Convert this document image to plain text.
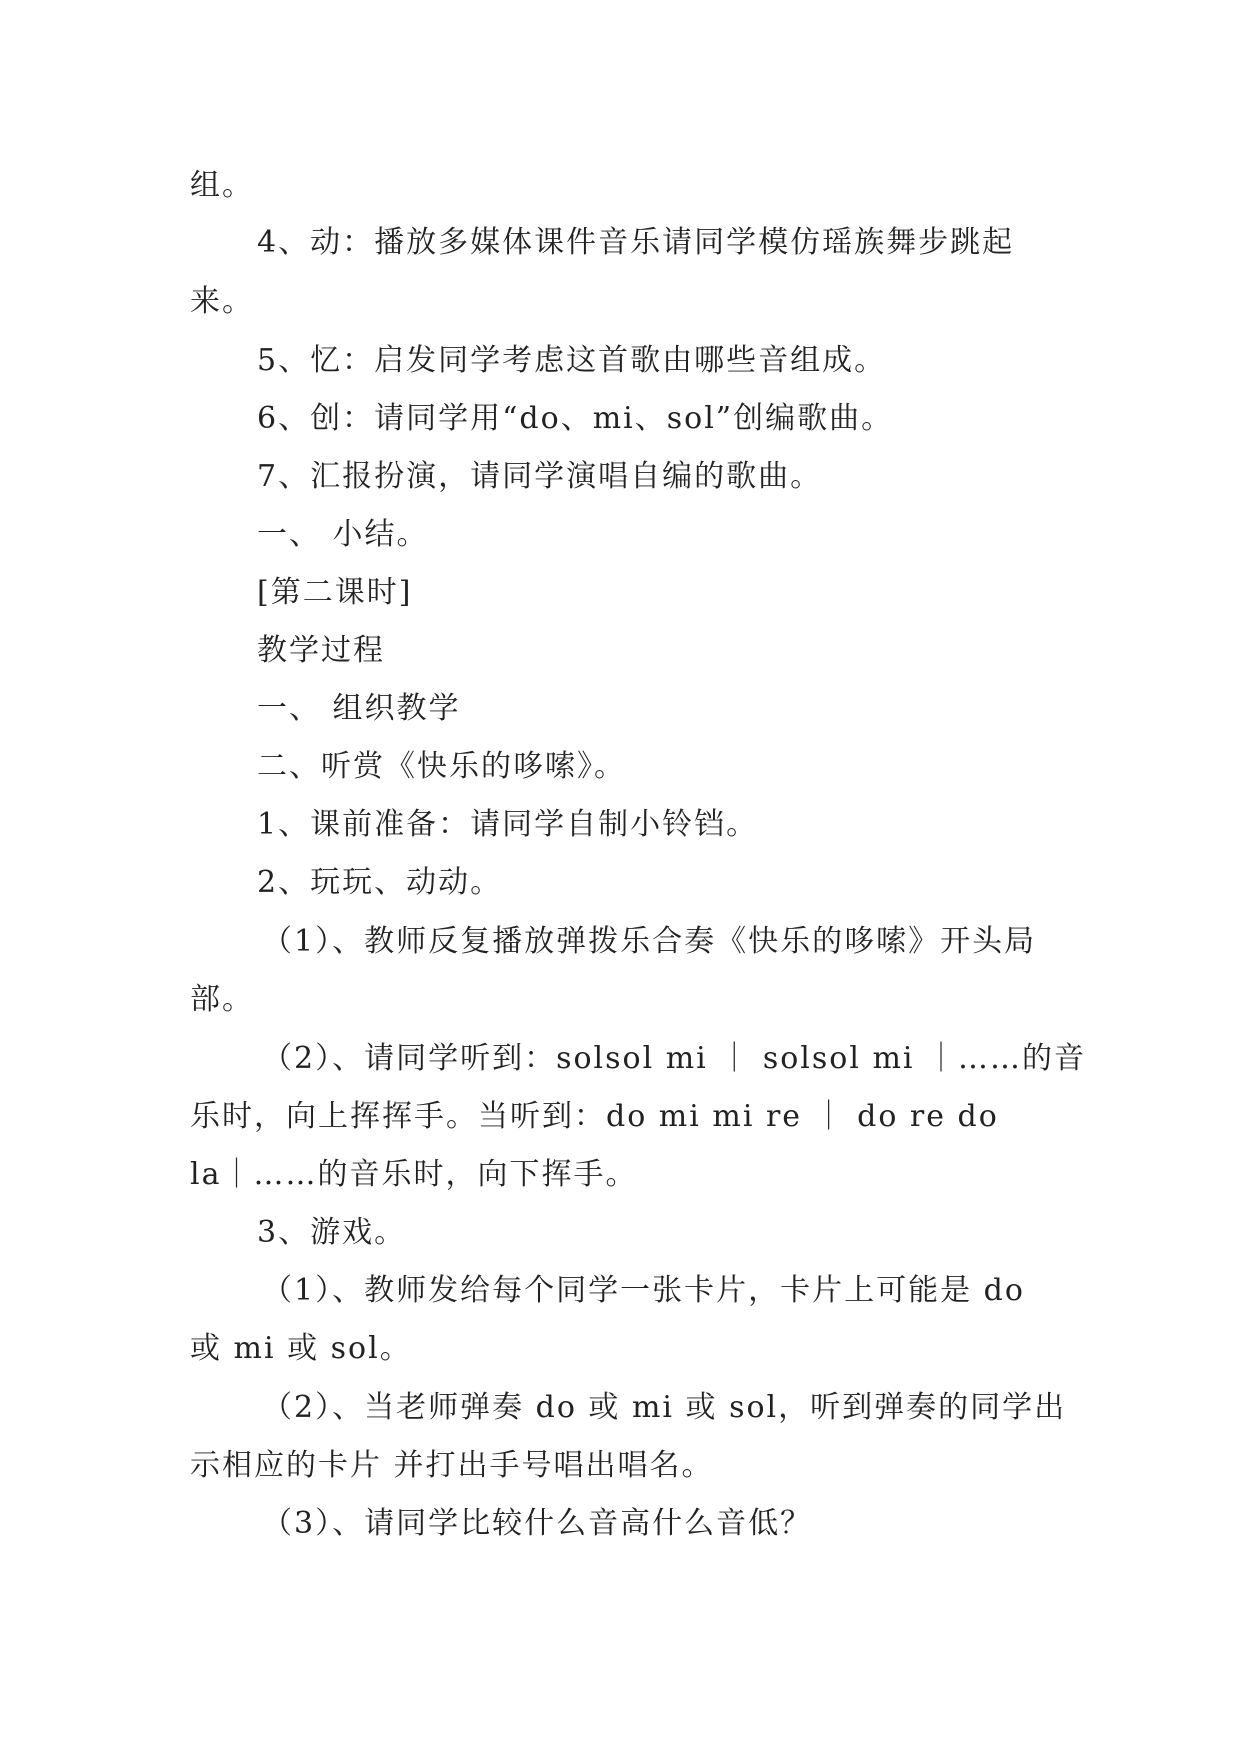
组。
4、动：播放多媒体课件音乐请同学模仿瑶族舞步跳起
来。
5、忆：启发同学考虑这首歌由哪些音组成。
6、创：请同学用“do、mi、sol”创编歌曲。
7、汇报扮演，请同学演唱自编的歌曲。
一、 小结。
[第二课时]
教学过程
一、 组织教学
二、听赏《快乐的哆嗦》。
1、课前准备：请同学自制小铃铛。
2、玩玩、动动。
（1）、教师反复播放弹拨乐合奏《快乐的哆嗦》开头局
部。
（2）、请同学听到：solsol mi ｜ solsol mi ｜……的音
乐时，向上挥挥手。当听到：do mi mi re ｜ do re do
la｜……的音乐时，向下挥手。
3、游戏。
（1）、教师发给每个同学一张卡片，卡片上可能是 do
或 mi 或 sol。
（2）、当老师弹奏 do 或 mi 或 sol，听到弹奏的同学出
示相应的卡片 并打出手号唱出唱名。
（3）、请同学比较什么音高什么音低？
